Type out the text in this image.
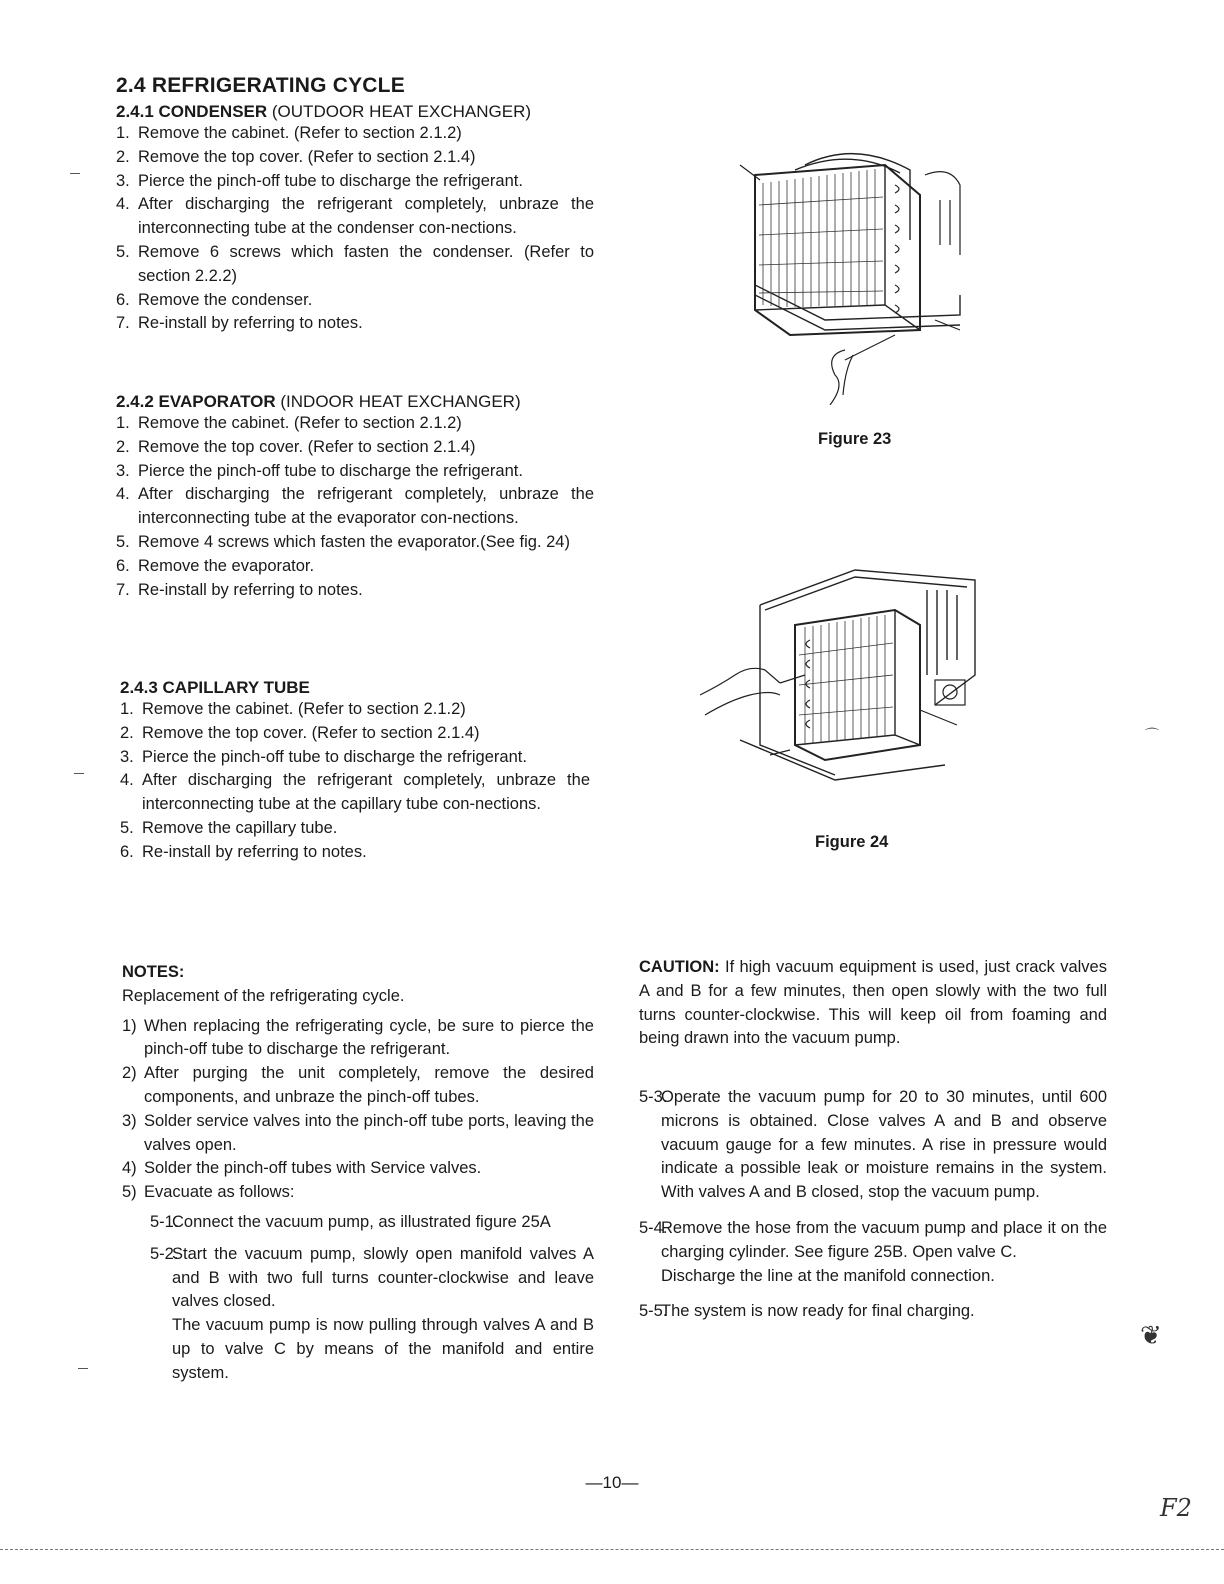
2.4 REFRIGERATING CYCLE
2.4.1 CONDENSER (OUTDOOR HEAT EXCHANGER)
1. Remove the cabinet. (Refer to section 2.1.2)
2. Remove the top cover. (Refer to section 2.1.4)
3. Pierce the pinch-off tube to discharge the refrigerant.
4. After discharging the refrigerant completely, unbraze the interconnecting tube at the condenser con-nections.
5. Remove 6 screws which fasten the condenser. (Refer to section 2.2.2)
6. Remove the condenser.
7. Re-install by referring to notes.
2.4.2 EVAPORATOR (INDOOR HEAT EXCHANGER)
1. Remove the cabinet. (Refer to section 2.1.2)
2. Remove the top cover. (Refer to section 2.1.4)
3. Pierce the pinch-off tube to discharge the refrigerant.
4. After discharging the refrigerant completely, unbraze the interconnecting tube at the evaporator con-nections.
5. Remove 4 screws which fasten the evaporator.(See fig. 24)
6. Remove the evaporator.
7. Re-install by referring to notes.
2.4.3 CAPILLARY TUBE
1. Remove the cabinet. (Refer to section 2.1.2)
2. Remove the top cover. (Refer to section 2.1.4)
3. Pierce the pinch-off tube to discharge the refrigerant.
4. After discharging the refrigerant completely, unbraze the interconnecting tube at the capillary tube con-nections.
5. Remove the capillary tube.
6. Re-install by referring to notes.
Figure 23
Figure 24
NOTES:
Replacement of the refrigerating cycle.
1) When replacing the refrigerating cycle, be sure to pierce the pinch-off tube to discharge the refrigerant.
2) After purging the unit completely, remove the desired components, and unbraze the pinch-off tubes.
3) Solder service valves into the pinch-off tube ports, leaving the valves open.
4) Solder the pinch-off tubes with Service valves.
5) Evacuate as follows:
5-1.
Connect the vacuum pump, as illustrated figure 25A
5-2.
Start the vacuum pump, slowly open manifold valves A and B with two full turns counter-clockwise and leave valves closed.
The vacuum pump is now pulling through valves A and B up to valve C by means of the manifold and entire system.
CAUTION: If high vacuum equipment is used, just crack valves A and B for a few minutes, then open slowly with the two full turns counter-clockwise. This will keep oil from foaming and being drawn into the vacuum pump.
5-3.
Operate the vacuum pump for 20 to 30 minutes, until 600 microns is obtained. Close valves A and B and observe vacuum gauge for a few minutes. A rise in pressure would indicate a possible leak or moisture remains in the system. With valves A and B closed, stop the vacuum pump.
5-4.
Remove the hose from the vacuum pump and place it on the charging cylinder. See figure 25B. Open valve C.
Discharge the line at the manifold connection.
5-5.
The system is now ready for final charging.
⌒
❦
—10—
F2
